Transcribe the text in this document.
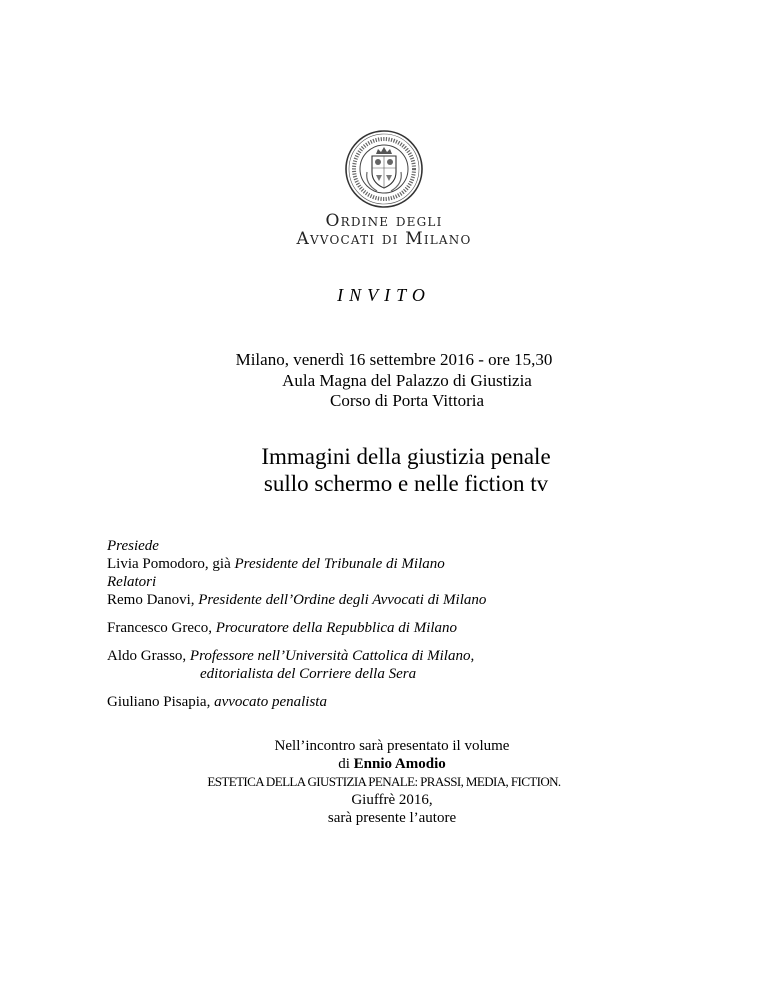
Ordine degli
Avvocati di Milano
INVITO
Milano, venerdì 16 settembre 2016 - ore 15,30
Aula Magna del Palazzo di Giustizia
Corso di Porta Vittoria
Immagini della giustizia penale
sullo schermo e nelle fiction tv
Presiede
Livia Pomodoro, già Presidente del Tribunale di Milano
Relatori
Remo Danovi, Presidente dell’Ordine degli Avvocati di Milano
Francesco Greco, Procuratore della Repubblica di Milano
Aldo Grasso, Professore nell’Università Cattolica di Milano,
editorialista del Corriere della Sera
Giuliano Pisapia, avvocato penalista
Nell’incontro sarà presentato il volume
di Ennio Amodio
ESTETICA DELLA GIUSTIZIA PENALE: PRASSI, MEDIA, FICTION.
Giuffrè 2016,
sarà presente l’autore
